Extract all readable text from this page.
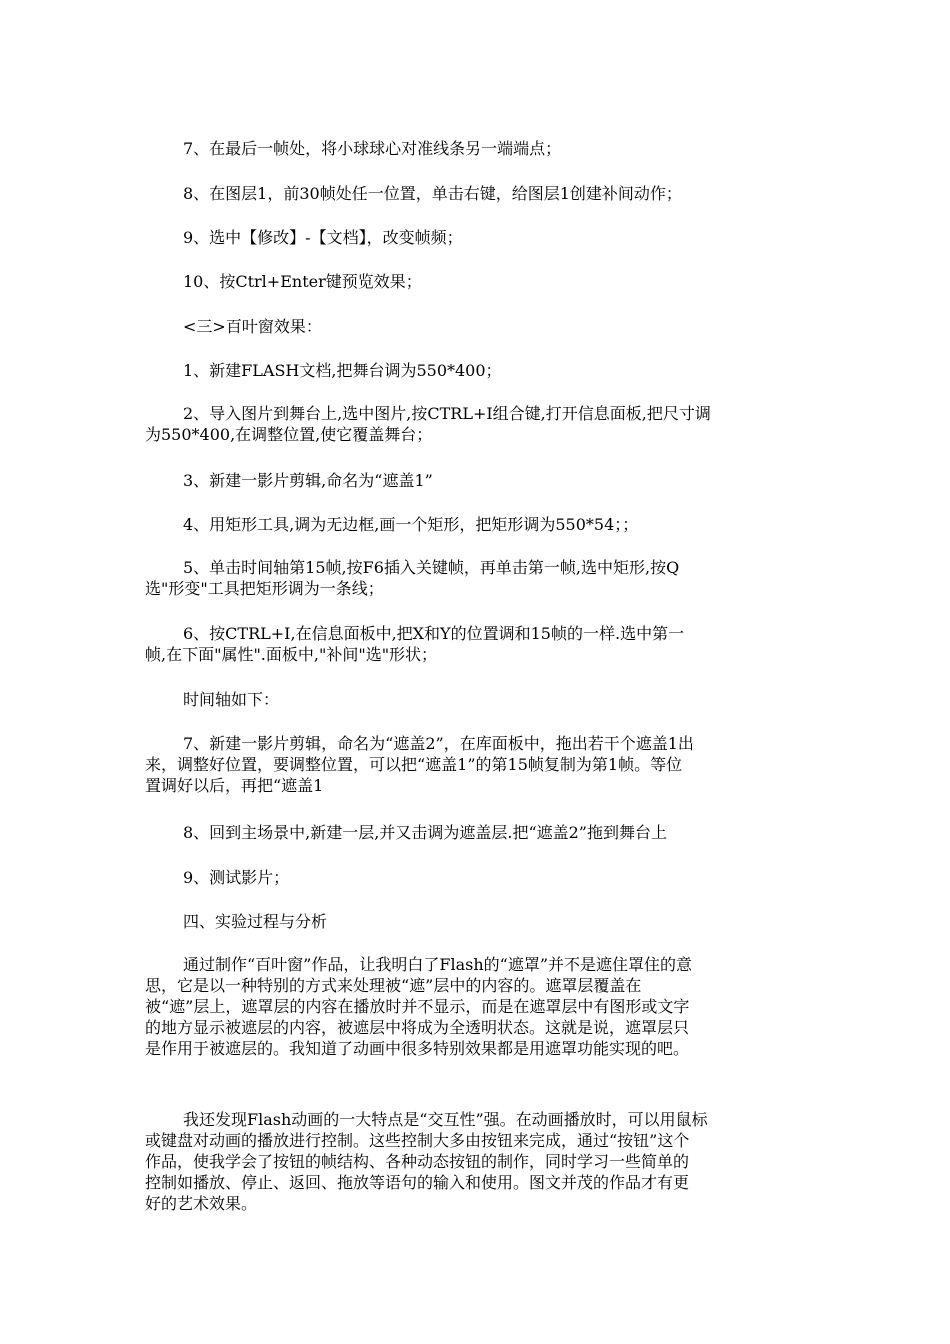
7、在最后一帧处，将小球球心对准线条另一端端点；
8、在图层1，前30帧处任一位置，单击右键，给图层1创建补间动作；
9、选中【修改】-【文档】，改变帧频；
10、按Ctrl+Enter键预览效果；
<三>百叶窗效果：
1、新建FLASH文档,把舞台调为550*400；
2、导入图片到舞台上,选中图片,按CTRL+I组合键,打开信息面板,把尺寸调
为550*400,在调整位置,使它覆盖舞台；
3、新建一影片剪辑,命名为“遮盖1”
4、用矩形工具,调为无边框,画一个矩形，把矩形调为550*54；；
5、单击时间轴第15帧,按F6插入关键帧，再单击第一帧,选中矩形,按Q
选"形变"工具把矩形调为一条线；
6、按CTRL+I,在信息面板中,把X和Y的位置调和15帧的一样.选中第一
帧,在下面"属性".面板中,"补间"选"形状；
时间轴如下：
7、新建一影片剪辑，命名为“遮盖2”，在库面板中，拖出若干个遮盖1出
来，调整好位置，要调整位置，可以把“遮盖1”的第15帧复制为第1帧。等位
置调好以后，再把“遮盖1
8、回到主场景中,新建一层,并又击调为遮盖层.把“遮盖2”拖到舞台上
9、测试影片；
四、实验过程与分析
通过制作“百叶窗”作品，让我明白了Flash的“遮罩”并不是遮住罩住的意
思，它是以一种特别的方式来处理被“遮”层中的内容的。遮罩层覆盖在
被“遮”层上，遮罩层的内容在播放时并不显示，而是在遮罩层中有图形或文字
的地方显示被遮层的内容，被遮层中将成为全透明状态。这就是说，遮罩层只
是作用于被遮层的。我知道了动画中很多特别效果都是用遮罩功能实现的吧。
我还发现Flash动画的一大特点是“交互性”强。在动画播放时，可以用鼠标
或键盘对动画的播放进行控制。这些控制大多由按钮来完成，通过“按钮”这个
作品，使我学会了按钮的帧结构、各种动态按钮的制作，同时学习一些简单的
控制如播放、停止、返回、拖放等语句的输入和使用。图文并茂的作品才有更
好的艺术效果。
